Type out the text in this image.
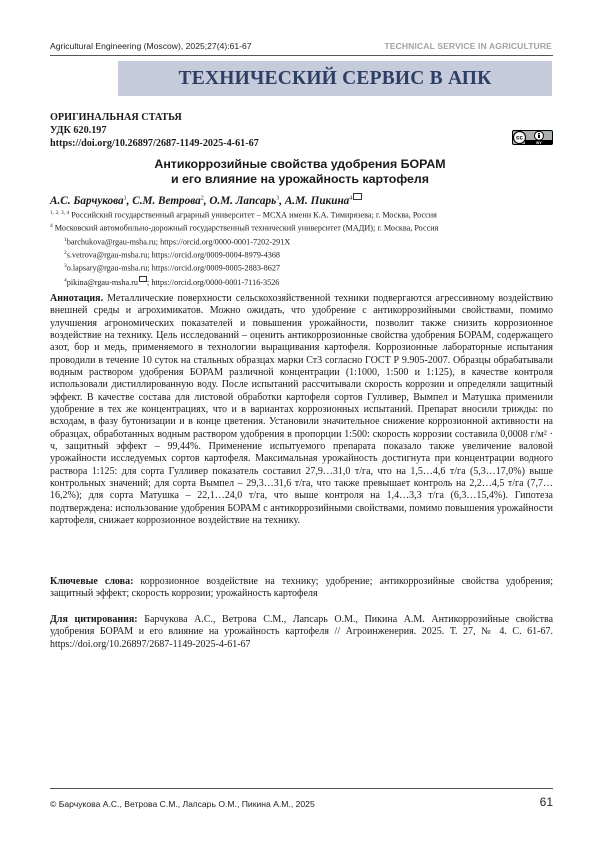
Agricultural Engineering (Moscow), 2025;27(4):61-67	TECHNICAL SERVICE IN AGRICULTURE
ТЕХНИЧЕСКИЙ СЕРВИС В АПК
ОРИГИНАЛЬНАЯ СТАТЬЯ
УДК 620.197
https://doi.org/10.26897/2687-1149-2025-4-61-67	cc
BY
Антикоррозийные свойства удобрения БОРАМ
и его влияние на урожайность картофеля
А.С. Барчукова$^1$, С.М. Ветрова$^2$, О.М. Лапсарь$^3$, А.М. Пикина$^4$
$^{1, 2, 3, 4}$ Российский государственный аграрный университет – МСХА имени К.А. Тимирязева; г. Москва, Россия
$^4$ Московский автомобильно-дорожный государственный технический университет (МАДИ); г. Москва, Россия
$^1$barchukova@rgau-msha.ru; https://orcid.org/0000-0001-7202-291X
$^2$s.vetrova@rgau-msha.ru; https://orcid.org/0009-0004-8979-4368
$^3$o.lapsary@rgau-msha.ru; https://orcid.org/0009-0005-2883-8627
$^4$pikina@rgau-msha.ru ; https://orcid.org/0000-0001-7116-3526
Аннотация. Металлические поверхности сельскохозяйственной техники подвергаются агрессивному воздействию внешней среды и агрохимикатов. Можно ожидать, что удобрение с антикоррозийными свойствами, помимо улучшения агрономических показателей и повышения урожайности, позволит также снизить коррозионное воздействие на технику. Цель исследований – оценить антикоррозионные свойства удобрения БОРАМ, содержащего азот, бор и медь, применяемого в технологии выращивания картофеля. Коррозионные лабораторные испытания проводили в течение 10 суток на стальных образцах марки Ст3 согласно ГОСТ Р 9.905-2007. Образцы обрабатывали водным раствором удобрения БОРАМ различной концентрации (1:1000, 1:500 и 1:125), в качестве контроля использовали дистиллированную воду. После испытаний рассчитывали скорость коррозии и определяли защитный эффект. В качестве состава для листовой обработки картофеля сортов Гулливер, Вымпел и Матушка применили удобрение в тех же концентрациях, что и в вариантах коррозионных испытаний. Препарат вносили трижды: по всходам, в фазу бутонизации и в конце цветения. Установили значительное снижение коррозионной активности на образцах, обработанных водным раствором удобрения в пропорции 1:500: скорость коррозии составила 0,0008 г/м² · ч, защитный эффект – 99,44%. Применение испытуемого препарата показало также увеличение валовой урожайности исследуемых сортов картофеля. Максимальная урожайность достигнута при концентрации водного раствора 1:125: для сорта Гулливер показатель составил 27,9…31,0 т/га, что на 1,5…4,6 т/га (5,3…17,0%) выше контрольных значений; для сорта Вымпел – 29,3…31,6 т/га, что также превышает контроль на 2,2…4,5 т/га (7,7…16,2%); для сорта Матушка – 22,1…24,0 т/га, что выше контроля на 1,4…3,3 т/га (6,3…15,4%). Гипотеза подтверждена: использование удобрения БОРАМ с антикоррозийными свойствами, помимо повышения урожайности картофеля, снижает коррозионное воздействие на технику.
Ключевые слова: коррозионное воздействие на технику; удобрение; антикоррозийные свойства удобрения; защитный эффект; скорость коррозии; урожайность картофеля
Для цитирования: Барчукова А.С., Ветрова С.М., Лапсарь О.М., Пикина А.М. Антикоррозийные свойства удобрения БОРАМ и его влияние на урожайность картофеля // Агроинженерия. 2025. Т. 27, № 4. С. 61-67. https://doi.org/10.26897/2687-1149-2025-4-61-67
© Барчукова А.С., Ветрова С.М., Лапсарь О.М., Пикина А.М., 2025	61
